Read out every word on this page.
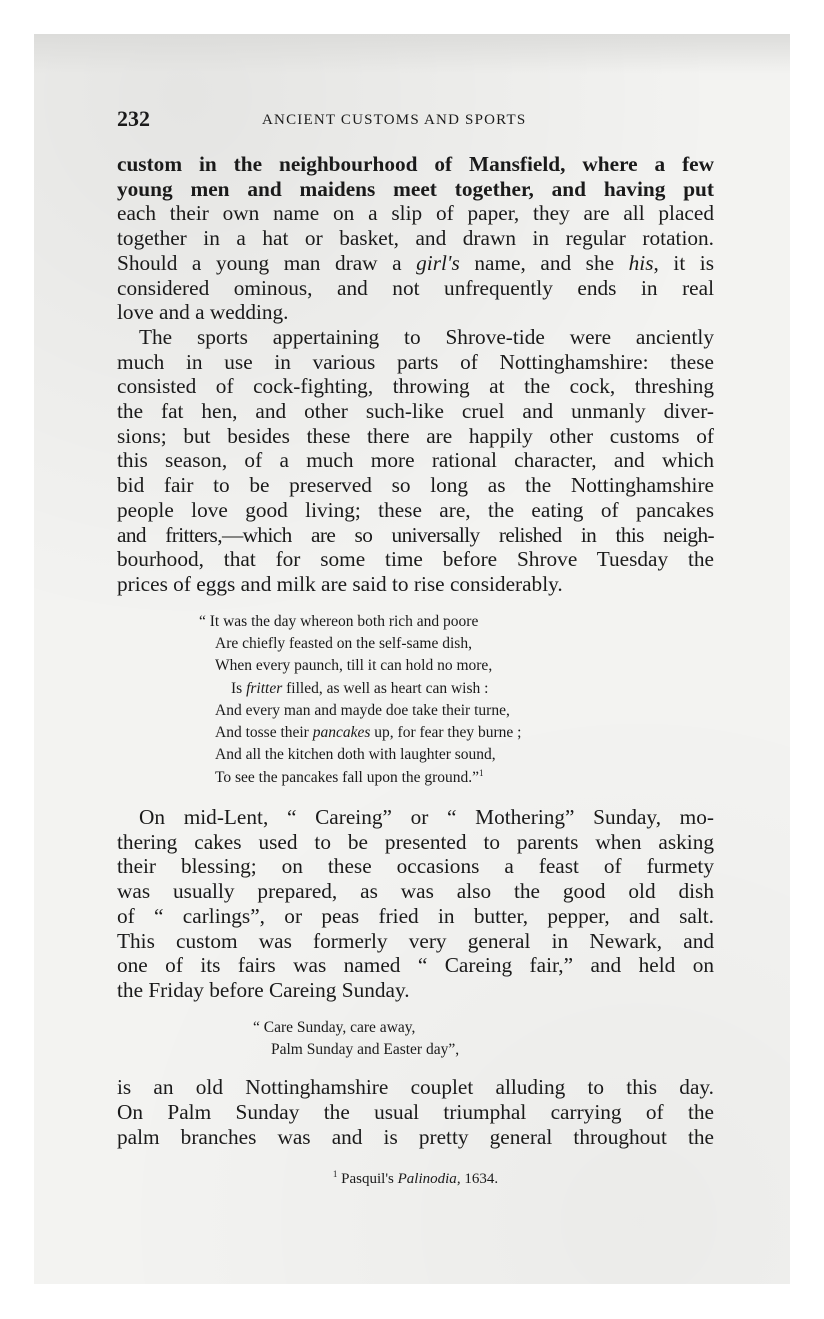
232	ANCIENT CUSTOMS AND SPORTS

custom in the neighbourhood of Mansfield, where a few
young men and maidens meet together, and having put
each their own name on a slip of paper, they are all placed
together in a hat or basket, and drawn in regular rotation.
Should a young man draw a girl's name, and she his, it is
considered ominous, and not unfrequently ends in real
love and a wedding.

The sports appertaining to Shrove-tide were anciently
much in use in various parts of Nottinghamshire: these
consisted of cock-fighting, throwing at the cock, threshing
the fat hen, and other such-like cruel and unmanly diver-
sions; but besides these there are happily other customs of
this season, of a much more rational character, and which
bid fair to be preserved so long as the Nottinghamshire
people love good living; these are, the eating of pancakes
and fritters,—which are so universally relished in this neigh-
bourhood, that for some time before Shrove Tuesday the
prices of eggs and milk are said to rise considerably.

“ It was the day whereon both rich and poore
Are chiefly feasted on the self-same dish,
When every paunch, till it can hold no more,
Is fritter filled, as well as heart can wish :
And every man and mayde doe take their turne,
And tosse their pancakes up, for fear they burne ;
And all the kitchen doth with laughter sound,
To see the pancakes fall upon the ground.”$^1$

On mid-Lent, “ Careing” or “ Mothering” Sunday, mo-
thering cakes used to be presented to parents when asking
their blessing; on these occasions a feast of furmety
was usually prepared, as was also the good old dish
of “ carlings”, or peas fried in butter, pepper, and salt.
This custom was formerly very general in Newark, and
one of its fairs was named “ Careing fair,” and held on
the Friday before Careing Sunday.

“ Care Sunday, care away,
Palm Sunday and Easter day”,

is an old Nottinghamshire couplet alluding to this day.
On Palm Sunday the usual triumphal carrying of the
palm branches was and is pretty general throughout the

$^1$ Pasquil's Palinodia, 1634.
